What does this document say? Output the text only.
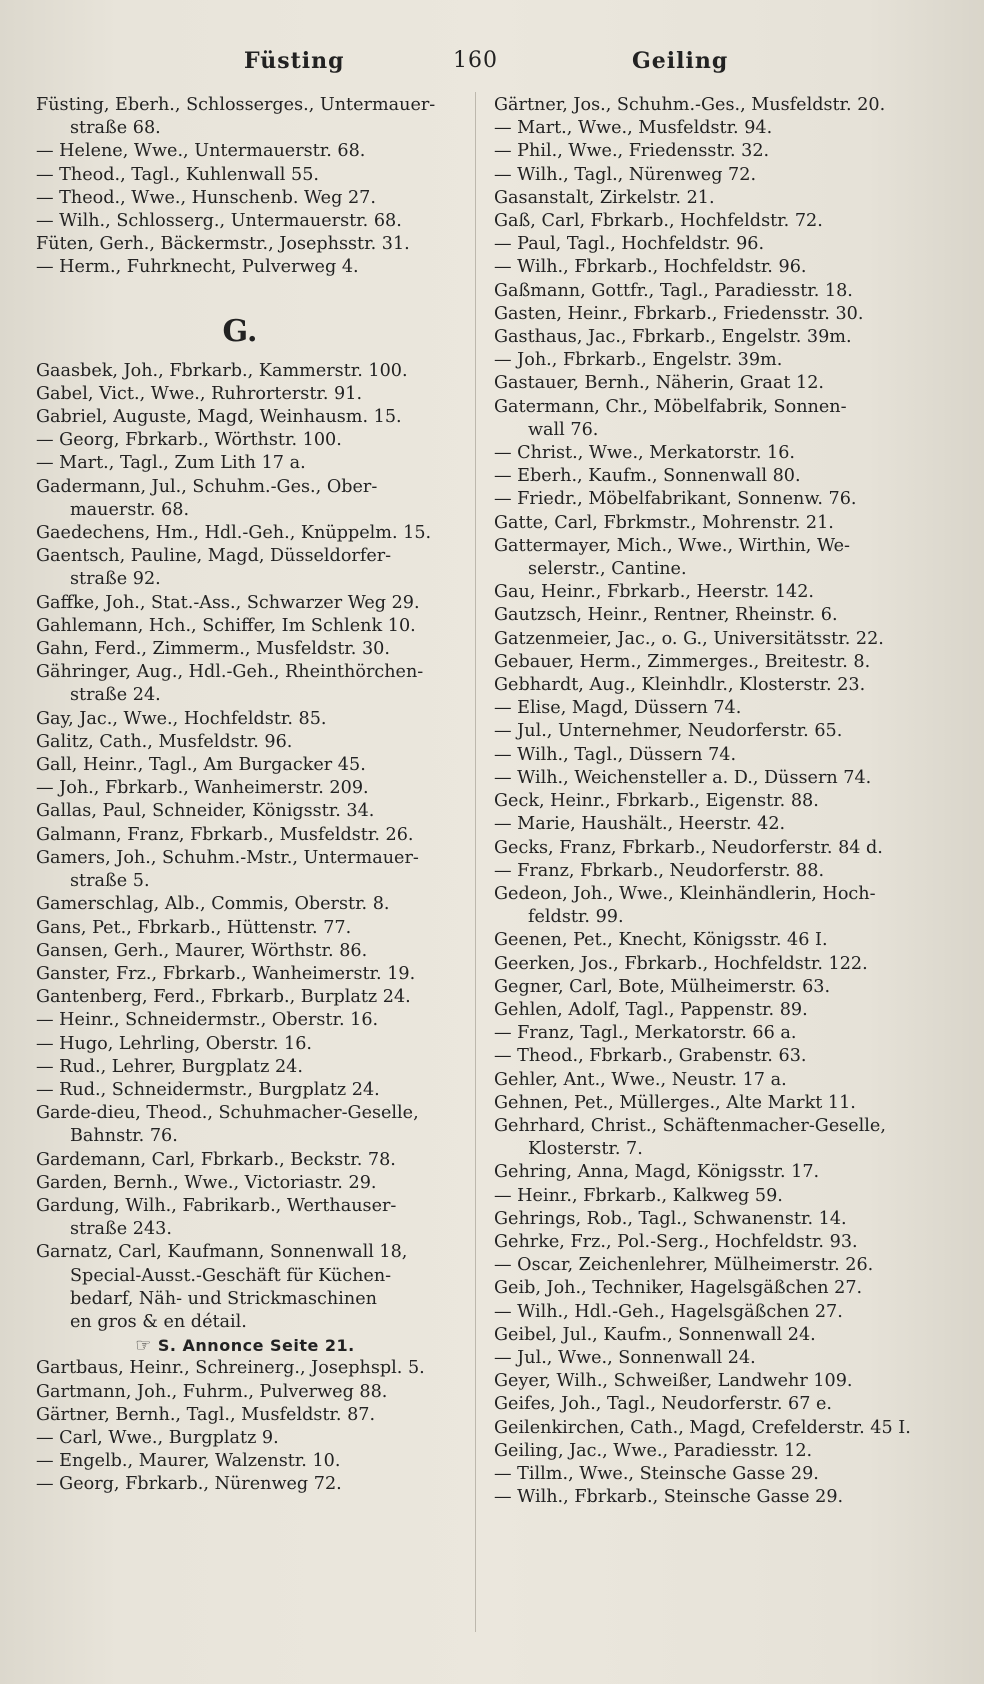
Füsting	160	Geiling
Füsting, Eberh., Schlosserges., Untermauer-
straße 68.
— Helene, Wwe., Untermauerstr. 68.
— Theod., Tagl., Kuhlenwall 55.
— Theod., Wwe., Hunschenb. Weg 27.
— Wilh., Schlosserg., Untermauerstr. 68.
Füten, Gerh., Bäckermstr., Josephsstr. 31.
— Herm., Fuhrknecht, Pulverweg 4.
G.
Gaasbek, Joh., Fbrkarb., Kammerstr. 100.
Gabel, Vict., Wwe., Ruhrorterstr. 91.
Gabriel, Auguste, Magd, Weinhausm. 15.
— Georg, Fbrkarb., Wörthstr. 100.
— Mart., Tagl., Zum Lith 17 a.
Gadermann, Jul., Schuhm.-Ges., Ober-
mauerstr. 68.
Gaedechens, Hm., Hdl.-Geh., Knüppelm. 15.
Gaentsch, Pauline, Magd, Düsseldorfer-
straße 92.
Gaffke, Joh., Stat.-Ass., Schwarzer Weg 29.
Gahlemann, Hch., Schiffer, Im Schlenk 10.
Gahn, Ferd., Zimmerm., Musfeldstr. 30.
Gähringer, Aug., Hdl.-Geh., Rheinthörchen-
straße 24.
Gay, Jac., Wwe., Hochfeldstr. 85.
Galitz, Cath., Musfeldstr. 96.
Gall, Heinr., Tagl., Am Burgacker 45.
— Joh., Fbrkarb., Wanheimerstr. 209.
Gallas, Paul, Schneider, Königsstr. 34.
Galmann, Franz, Fbrkarb., Musfeldstr. 26.
Gamers, Joh., Schuhm.-Mstr., Untermauer-
straße 5.
Gamerschlag, Alb., Commis, Oberstr. 8.
Gans, Pet., Fbrkarb., Hüttenstr. 77.
Gansen, Gerh., Maurer, Wörthstr. 86.
Ganster, Frz., Fbrkarb., Wanheimerstr. 19.
Gantenberg, Ferd., Fbrkarb., Burplatz 24.
— Heinr., Schneidermstr., Oberstr. 16.
— Hugo, Lehrling, Oberstr. 16.
— Rud., Lehrer, Burgplatz 24.
— Rud., Schneidermstr., Burgplatz 24.
Garde-dieu, Theod., Schuhmacher-Geselle,
Bahnstr. 76.
Gardemann, Carl, Fbrkarb., Beckstr. 78.
Garden, Bernh., Wwe., Victoriastr. 29.
Gardung, Wilh., Fabrikarb., Werthauser-
straße 243.
Garnatz, Carl, Kaufmann, Sonnenwall 18,
Special-Ausst.-Geschäft für Küchen-
bedarf, Näh- und Strickmaschinen
en gros & en détail.
☞ S. Annonce Seite 21.
Gartbaus, Heinr., Schreinerg., Josephspl. 5.
Gartmann, Joh., Fuhrm., Pulverweg 88.
Gärtner, Bernh., Tagl., Musfeldstr. 87.
— Carl, Wwe., Burgplatz 9.
— Engelb., Maurer, Walzenstr. 10.
— Georg, Fbrkarb., Nürenweg 72.
Gärtner, Jos., Schuhm.-Ges., Musfeldstr. 20.
— Mart., Wwe., Musfeldstr. 94.
— Phil., Wwe., Friedensstr. 32.
— Wilh., Tagl., Nürenweg 72.
Gasanstalt, Zirkelstr. 21.
Gaß, Carl, Fbrkarb., Hochfeldstr. 72.
— Paul, Tagl., Hochfeldstr. 96.
— Wilh., Fbrkarb., Hochfeldstr. 96.
Gaßmann, Gottfr., Tagl., Paradiesstr. 18.
Gasten, Heinr., Fbrkarb., Friedensstr. 30.
Gasthaus, Jac., Fbrkarb., Engelstr. 39m.
— Joh., Fbrkarb., Engelstr. 39m.
Gastauer, Bernh., Näherin, Graat 12.
Gatermann, Chr., Möbelfabrik, Sonnen-
wall 76.
— Christ., Wwe., Merkatorstr. 16.
— Eberh., Kaufm., Sonnenwall 80.
— Friedr., Möbelfabrikant, Sonnenw. 76.
Gatte, Carl, Fbrkmstr., Mohrenstr. 21.
Gattermayer, Mich., Wwe., Wirthin, We-
selerstr., Cantine.
Gau, Heinr., Fbrkarb., Heerstr. 142.
Gautzsch, Heinr., Rentner, Rheinstr. 6.
Gatzenmeier, Jac., o. G., Universitätsstr. 22.
Gebauer, Herm., Zimmerges., Breitestr. 8.
Gebhardt, Aug., Kleinhdlr., Klosterstr. 23.
— Elise, Magd, Düssern 74.
— Jul., Unternehmer, Neudorferstr. 65.
— Wilh., Tagl., Düssern 74.
— Wilh., Weichensteller a. D., Düssern 74.
Geck, Heinr., Fbrkarb., Eigenstr. 88.
— Marie, Haushält., Heerstr. 42.
Gecks, Franz, Fbrkarb., Neudorferstr. 84 d.
— Franz, Fbrkarb., Neudorferstr. 88.
Gedeon, Joh., Wwe., Kleinhändlerin, Hoch-
feldstr. 99.
Geenen, Pet., Knecht, Königsstr. 46 I.
Geerken, Jos., Fbrkarb., Hochfeldstr. 122.
Gegner, Carl, Bote, Mülheimerstr. 63.
Gehlen, Adolf, Tagl., Pappenstr. 89.
— Franz, Tagl., Merkatorstr. 66 a.
— Theod., Fbrkarb., Grabenstr. 63.
Gehler, Ant., Wwe., Neustr. 17 a.
Gehnen, Pet., Müllerges., Alte Markt 11.
Gehrhard, Christ., Schäftenmacher-Geselle,
Klosterstr. 7.
Gehring, Anna, Magd, Königsstr. 17.
— Heinr., Fbrkarb., Kalkweg 59.
Gehrings, Rob., Tagl., Schwanenstr. 14.
Gehrke, Frz., Pol.-Serg., Hochfeldstr. 93.
— Oscar, Zeichenlehrer, Mülheimerstr. 26.
Geib, Joh., Techniker, Hagelsgäßchen 27.
— Wilh., Hdl.-Geh., Hagelsgäßchen 27.
Geibel, Jul., Kaufm., Sonnenwall 24.
— Jul., Wwe., Sonnenwall 24.
Geyer, Wilh., Schweißer, Landwehr 109.
Geifes, Joh., Tagl., Neudorferstr. 67 e.
Geilenkirchen, Cath., Magd, Crefelderstr. 45 I.
Geiling, Jac., Wwe., Paradiesstr. 12.
— Tillm., Wwe., Steinsche Gasse 29.
— Wilh., Fbrkarb., Steinsche Gasse 29.
